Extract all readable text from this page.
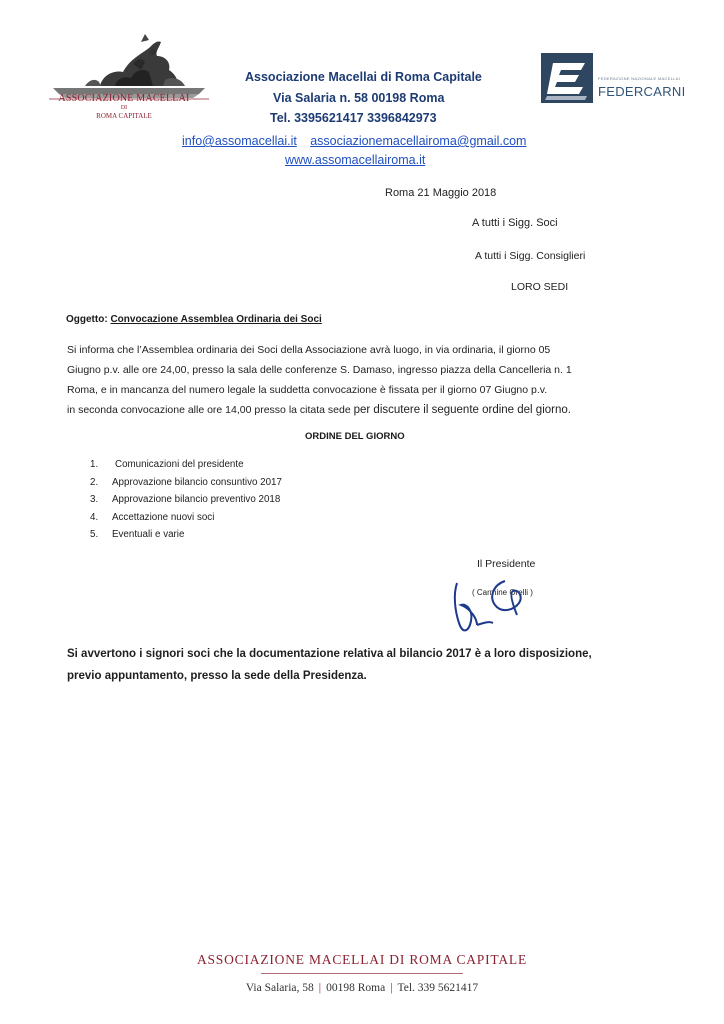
ASSOCIAZIONE MACELLAI
DI
ROMA CAPITALE
Associazione Macellai di Roma Capitale
Via Salaria n. 58 00198 Roma
Tel. 3395621417 3396842973
info@assomacellai.it associazionemacellairoma@gmail.com
www.assomacellairoma.it
FEDERAZIONE NAZIONALE MACELLAI
FEDERCARNI
Roma 21 Maggio 2018
A tutti i Sigg. Soci
A tutti i Sigg. Consiglieri
LORO SEDI
Oggetto: Convocazione Assemblea Ordinaria dei Soci
Si informa che l’Assemblea ordinaria dei Soci della Associazione avrà luogo, in via ordinaria, il giorno 05
Giugno p.v. alle ore 24,00, presso la sala delle conferenze S. Damaso, ingresso piazza della Cancelleria n. 1
Roma, e in mancanza del numero legale la suddetta convocazione è fissata per il giorno 07 Giugno p.v.
in seconda convocazione alle ore 14,00 presso la citata sede per discutere il seguente ordine del giorno.
ORDINE DEL GIORNO
1.	Comunicazioni del presidente
2.	Approvazione bilancio consuntivo 2017
3.	Approvazione bilancio preventivo 2018
4.	Accettazione nuovi soci
5.	Eventuali e varie
Il Presidente
( Carmine Orelli )
Si avvertono i signori soci che la documentazione relativa al bilancio 2017 è a loro disposizione,
previo appuntamento, presso la sede della Presidenza.
ASSOCIAZIONE MACELLAI DI ROMA CAPITALE
Via Salaria, 58 | 00198 Roma | Tel. 339 5621417
